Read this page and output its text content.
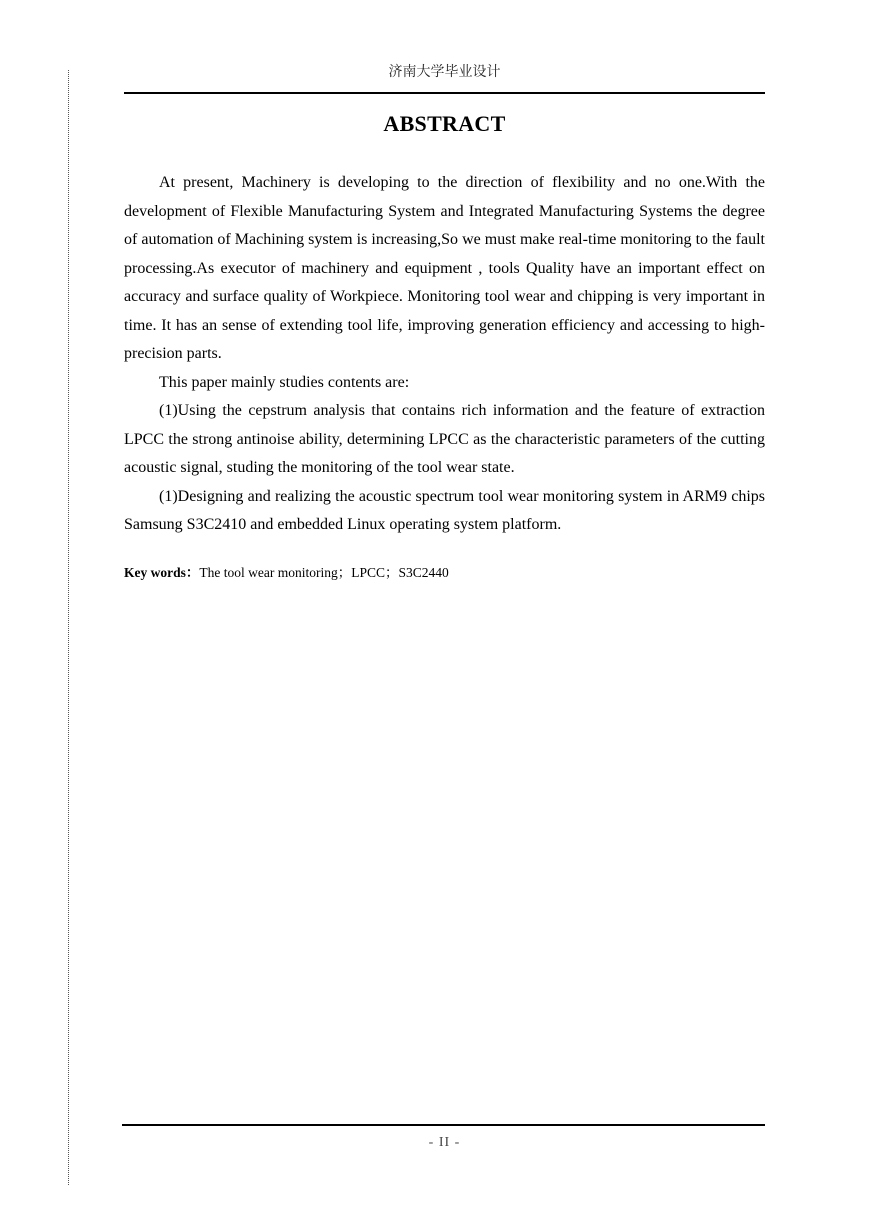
济南大学毕业设计
ABSTRACT

At present, Machinery is developing to the direction of flexibility and no one.With the development of Flexible Manufacturing System and Integrated Manufacturing Systems the degree of automation of Machining system is increasing,So we must make real-time monitoring to the fault processing.As executor of machinery and equipment , tools Quality have an important effect on accuracy and surface quality of Workpiece. Monitoring tool wear and chipping is very important in time. It has an sense of extending tool life, improving generation efficiency and accessing to high-precision parts.

This paper mainly studies contents are:

(1)Using the cepstrum analysis that contains rich information and the feature of extraction LPCC the strong antinoise ability, determining LPCC as the characteristic parameters of the cutting acoustic signal, studing the monitoring of the tool wear state.

(1)Designing and realizing the acoustic spectrum tool wear monitoring system in ARM9 chips Samsung S3C2410 and embedded Linux operating system platform.

Key words：The tool wear monitoring；LPCC；S3C2440
- II -
